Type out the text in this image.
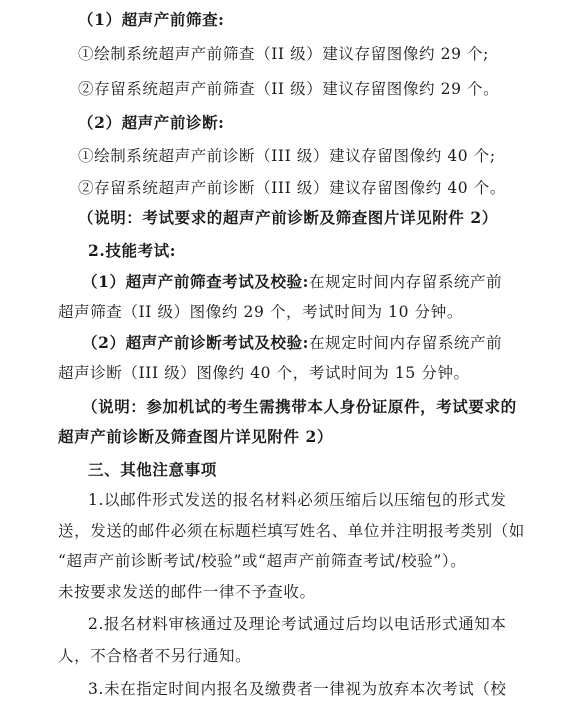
（1）超声产前筛查:
①绘制系统超声产前筛查（II 级）建议存留图像约 29 个;
②存留系统超声产前筛查（II 级）建议存留图像约 29 个。
（2）超声产前诊断:
①绘制系统超声产前诊断（III 级）建议存留图像约 40 个;
②存留系统超声产前诊断（III 级）建议存留图像约 40 个。
（说明：考试要求的超声产前诊断及筛查图片详见附件 2）
2.技能考试:
（1）超声产前筛查考试及校验:在规定时间内存留系统产前
超声筛查（II 级）图像约 29 个，考试时间为 10 分钟。
（2）超声产前诊断考试及校验:在规定时间内存留系统产前
超声诊断（III 级）图像约 40 个，考试时间为 15 分钟。
（说明：参加机试的考生需携带本人身份证原件，考试要求的
超声产前诊断及筛查图片详见附件 2）
三、其他注意事项
1.以邮件形式发送的报名材料必须压缩后以压缩包的形式发
送，发送的邮件必须在标题栏填写姓名、单位并注明报考类别（如
“超声产前诊断考试/校验”或“超声产前筛查考试/校验”）。
未按要求发送的邮件一律不予查收。
2.报名材料审核通过及理论考试通过后均以电话形式通知本
人，不合格者不另行通知。
3.未在指定时间内报名及缴费者一律视为放弃本次考试（校
